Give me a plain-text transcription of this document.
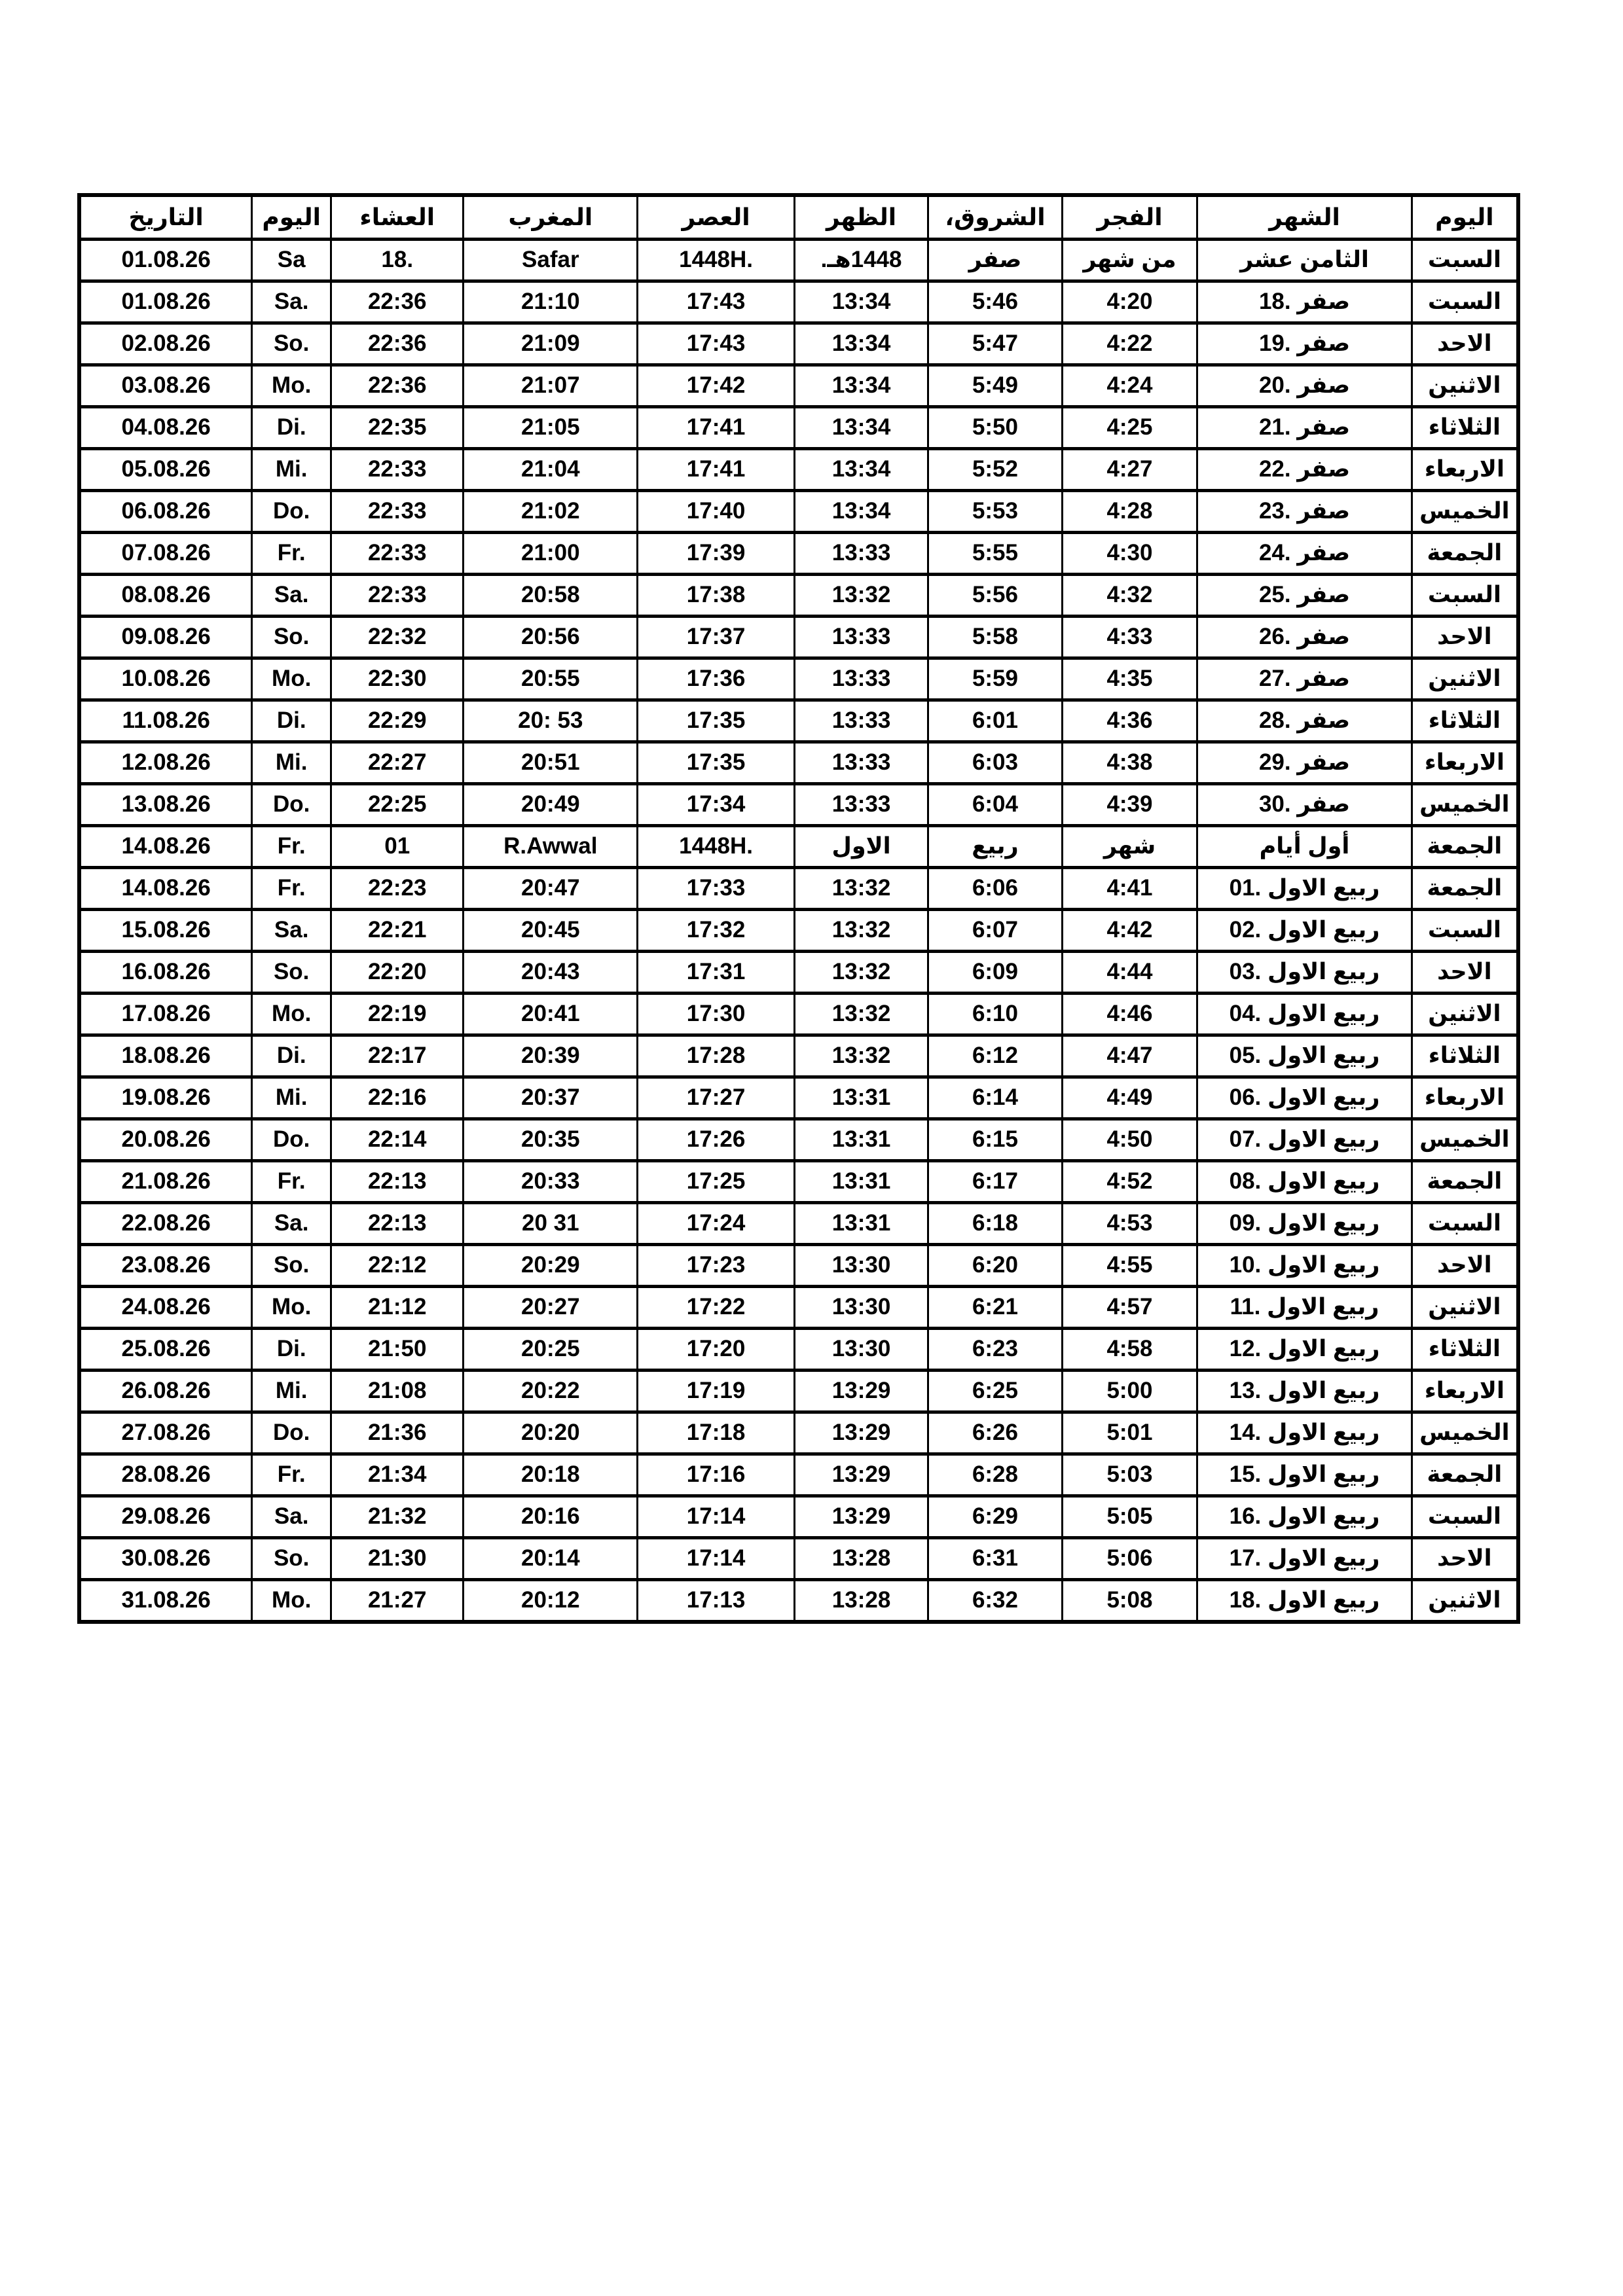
التاريخ	اليوم	العشاء	المغرب	العصر	الظهر	الشروق،	الفجر	الشهر	اليوم
01.08.26	Sa	18.	Safar	1448H.	1448هـ.	صفر	من شهر	الثامن عشر	السبت
01.08.26	Sa.	22:36	21:10	17:43	13:34	5:46	4:20	18. صفر	السبت
02.08.26	So.	22:36	21:09	17:43	13:34	5:47	4:22	19. صفر	الاحد
03.08.26	Mo.	22:36	21:07	17:42	13:34	5:49	4:24	20. صفر	الاثنين
04.08.26	Di.	22:35	21:05	17:41	13:34	5:50	4:25	21. صفر	الثلاثاء
05.08.26	Mi.	22:33	21:04	17:41	13:34	5:52	4:27	22. صفر	الاربعاء
06.08.26	Do.	22:33	21:02	17:40	13:34	5:53	4:28	23. صفر	الخميس
07.08.26	Fr.	22:33	21:00	17:39	13:33	5:55	4:30	24. صفر	الجمعة
08.08.26	Sa.	22:33	20:58	17:38	13:32	5:56	4:32	25. صفر	السبت
09.08.26	So.	22:32	20:56	17:37	13:33	5:58	4:33	26. صفر	الاحد
10.08.26	Mo.	22:30	20:55	17:36	13:33	5:59	4:35	27. صفر	الاثنين
11.08.26	Di.	22:29	20: 53	17:35	13:33	6:01	4:36	28. صفر	الثلاثاء
12.08.26	Mi.	22:27	20:51	17:35	13:33	6:03	4:38	29. صفر	الاربعاء
13.08.26	Do.	22:25	20:49	17:34	13:33	6:04	4:39	30. صفر	الخميس
14.08.26	Fr.	01	R.Awwal	1448H.	الاول	ربيع	شهر	أول أيام	الجمعة
14.08.26	Fr.	22:23	20:47	17:33	13:32	6:06	4:41	01. ربيع الاول	الجمعة
15.08.26	Sa.	22:21	20:45	17:32	13:32	6:07	4:42	02. ربيع الاول	السبت
16.08.26	So.	22:20	20:43	17:31	13:32	6:09	4:44	03. ربيع الاول	الاحد
17.08.26	Mo.	22:19	20:41	17:30	13:32	6:10	4:46	04. ربيع الاول	الاثنين
18.08.26	Di.	22:17	20:39	17:28	13:32	6:12	4:47	05. ربيع الاول	الثلاثاء
19.08.26	Mi.	22:16	20:37	17:27	13:31	6:14	4:49	06. ربيع الاول	الاربعاء
20.08.26	Do.	22:14	20:35	17:26	13:31	6:15	4:50	07. ربيع الاول	الخميس
21.08.26	Fr.	22:13	20:33	17:25	13:31	6:17	4:52	08. ربيع الاول	الجمعة
22.08.26	Sa.	22:13	20 31	17:24	13:31	6:18	4:53	09. ربيع الاول	السبت
23.08.26	So.	22:12	20:29	17:23	13:30	6:20	4:55	10. ربيع الاول	الاحد
24.08.26	Mo.	21:12	20:27	17:22	13:30	6:21	4:57	11. ربيع الاول	الاثنين
25.08.26	Di.	21:50	20:25	17:20	13:30	6:23	4:58	12. ربيع الاول	الثلاثاء
26.08.26	Mi.	21:08	20:22	17:19	13:29	6:25	5:00	13. ربيع الاول	الاربعاء
27.08.26	Do.	21:36	20:20	17:18	13:29	6:26	5:01	14. ربيع الاول	الخميس
28.08.26	Fr.	21:34	20:18	17:16	13:29	6:28	5:03	15. ربيع الاول	الجمعة
29.08.26	Sa.	21:32	20:16	17:14	13:29	6:29	5:05	16. ربيع الاول	السبت
30.08.26	So.	21:30	20:14	17:14	13:28	6:31	5:06	17. ربيع الاول	الاحد
31.08.26	Mo.	21:27	20:12	17:13	13:28	6:32	5:08	18. ربيع الاول	الاثنين
